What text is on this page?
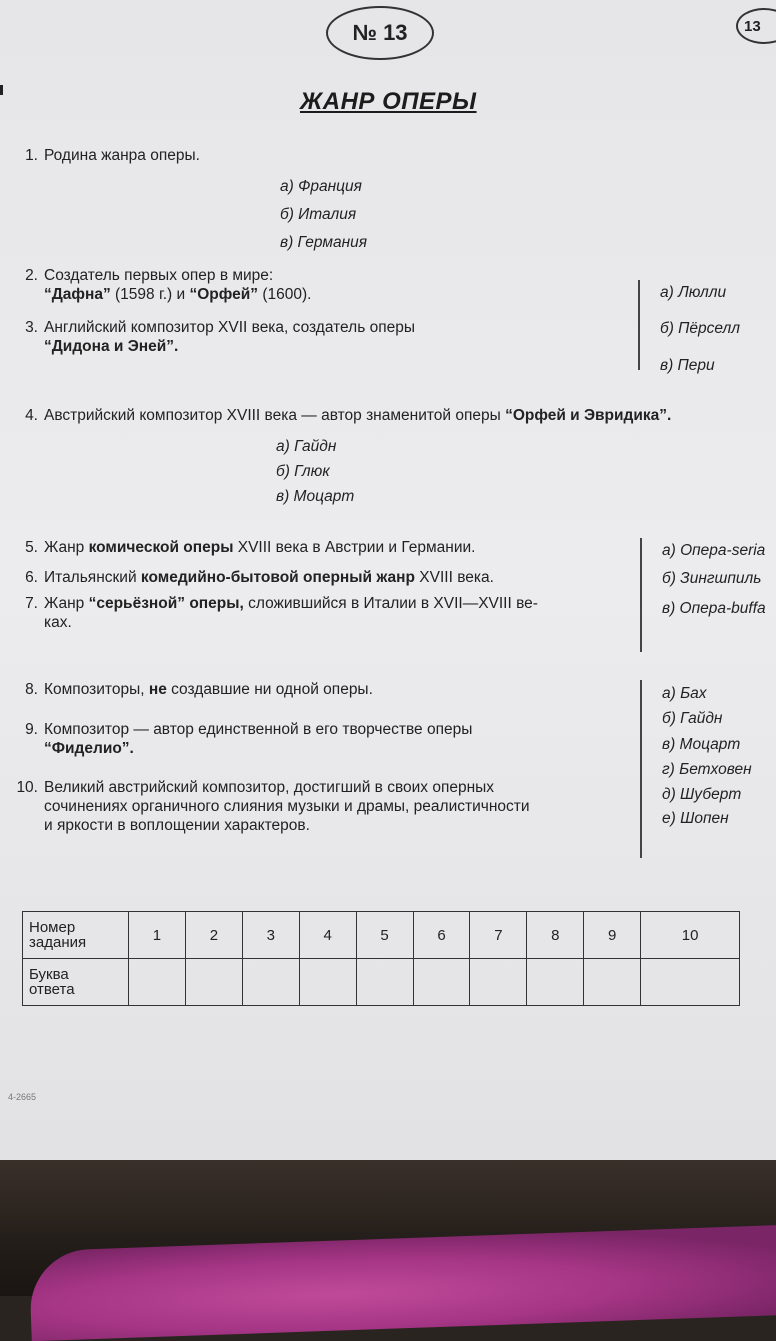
№ 13	13
ЖАНР ОПЕРЫ
1. Родина жанра оперы.
а) Франция
б) Италия
в) Германия
2. Создатель первых опер в мире:
“Дафна” (1598 г.) и “Орфей” (1600).
3. Английский композитор XVII века, создатель оперы
“Дидона и Эней”.
а) Люлли
б) Пёрселл
в) Пери
4. Австрийский композитор XVIII века — автор знаменитой оперы “Орфей и Эвридика”.
а) Гайдн
б) Глюк
в) Моцарт
5. Жанр комической оперы XVIII века в Австрии и Германии.
6. Итальянский комедийно-бытовой оперный жанр XVIII века.
7. Жанр “серьёзной” оперы, сложившийся в Италии в XVII—XVIII ве-
ках.
а) Опера-seria
б) Зингшпиль
в) Опера-buffa
8. Композиторы, не создавшие ни одной оперы.
9. Композитор — автор единственной в его творчестве оперы
“Фиделио”.
10. Великий австрийский композитор, достигший в своих оперных
сочинениях органичного слияния музыки и драмы, реалистичности
и яркости в воплощении характеров.
а) Бах
б) Гайдн
в) Моцарт
г) Бетховен
д) Шуберт
е) Шопен
Номер
задания	1	2	3	4	5	6	7	8	9	10
Буква
ответа										
4-2665
